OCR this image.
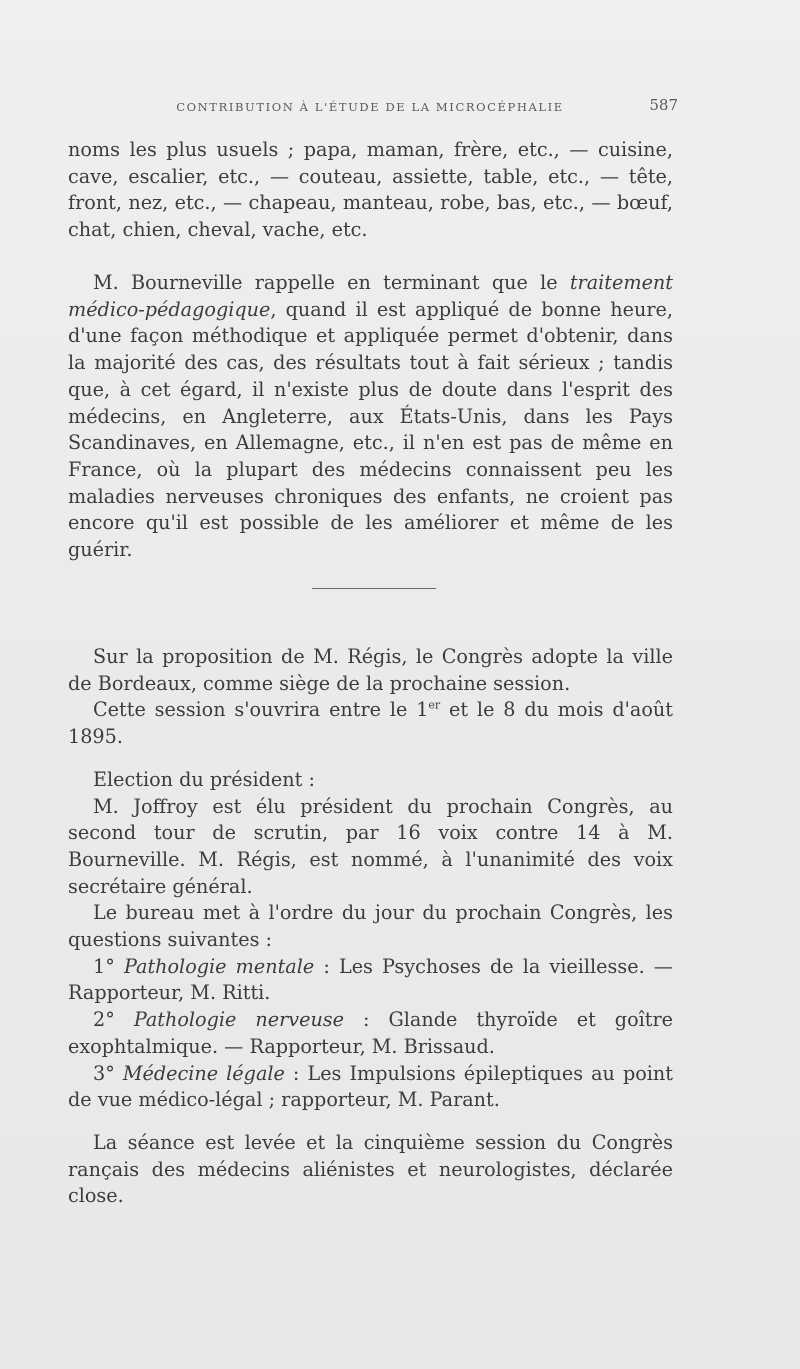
CONTRIBUTION À L'ÉTUDE DE LA MICROCÉPHALIE	587

noms les plus usuels ; papa, maman, frère, etc., — cuisine, cave, escalier, etc., — couteau, assiette, table, etc., — tête, front, nez, etc., — chapeau, manteau, robe, bas, etc., — bœuf, chat, chien, cheval, vache, etc.

M. Bourneville rappelle en terminant que le traitement médico-pédagogique, quand il est appliqué de bonne heure, d'une façon méthodique et appliquée permet d'obtenir, dans la majorité des cas, des résultats tout à fait sérieux ; tandis que, à cet égard, il n'existe plus de doute dans l'esprit des médecins, en Angleterre, aux États-Unis, dans les Pays Scandinaves, en Allemagne, etc., il n'en est pas de même en France, où la plupart des médecins connaissent peu les maladies nerveuses chroniques des enfants, ne croient pas encore qu'il est possible de les améliorer et même de les guérir.

Sur la proposition de M. Régis, le Congrès adopte la ville de Bordeaux, comme siège de la prochaine session.

Cette session s'ouvrira entre le 1er et le 8 du mois d'août 1895.

Election du président :

M. Joffroy est élu président du prochain Congrès, au second tour de scrutin, par 16 voix contre 14 à M. Bourneville. M. Régis, est nommé, à l'unanimité des voix secrétaire général.

Le bureau met à l'ordre du jour du prochain Congrès, les questions suivantes :

1° Pathologie mentale : Les Psychoses de la vieillesse. — Rapporteur, M. Ritti.

2° Pathologie nerveuse : Glande thyroïde et goître exophtalmique. — Rapporteur, M. Brissaud.

3° Médecine légale : Les Impulsions épileptiques au point de vue médico-légal ; rapporteur, M. Parant.

La séance est levée et la cinquième session du Congrès rançais des médecins aliénistes et neurologistes, déclarée close.
